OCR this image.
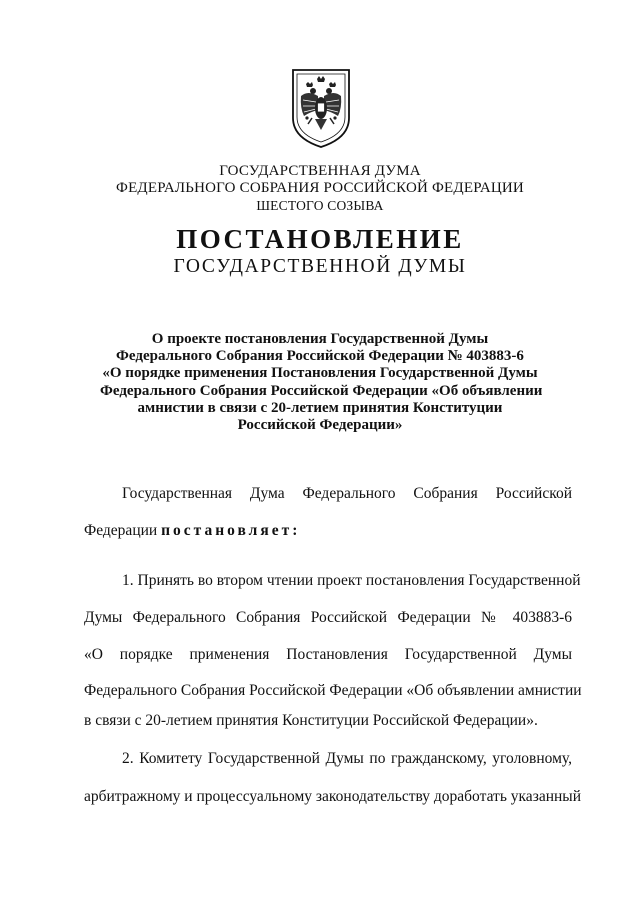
ГОСУДАРСТВЕННАЯ ДУМА
ФЕДЕРАЛЬНОГО СОБРАНИЯ РОССИЙСКОЙ ФЕДЕРАЦИИ
ШЕСТОГО СОЗЫВА
ПОСТАНОВЛЕНИЕ
ГОСУДАРСТВЕННОЙ ДУМЫ
О проекте постановления Государственной Думы
Федерального Собрания Российской Федерации № 403883-6
«О порядке применения Постановления Государственной Думы
Федерального Собрания Российской Федерации «Об объявлении
амнистии в связи с 20-летием принятия Конституции
Российской Федерации»
Государственная Дума Федерального Собрания Российской
Федерации постановляет:
1. Принять во втором чтении проект постановления Государственной
Думы Федерального Собрания Российской Федерации № 403883-6
«О порядке применения Постановления Государственной Думы
Федерального Собрания Российской Федерации «Об объявлении амнистии
в связи с 20-летием принятия Конституции Российской Федерации».
2. Комитету Государственной Думы по гражданскому, уголовному,
арбитражному и процессуальному законодательству доработать указанный
